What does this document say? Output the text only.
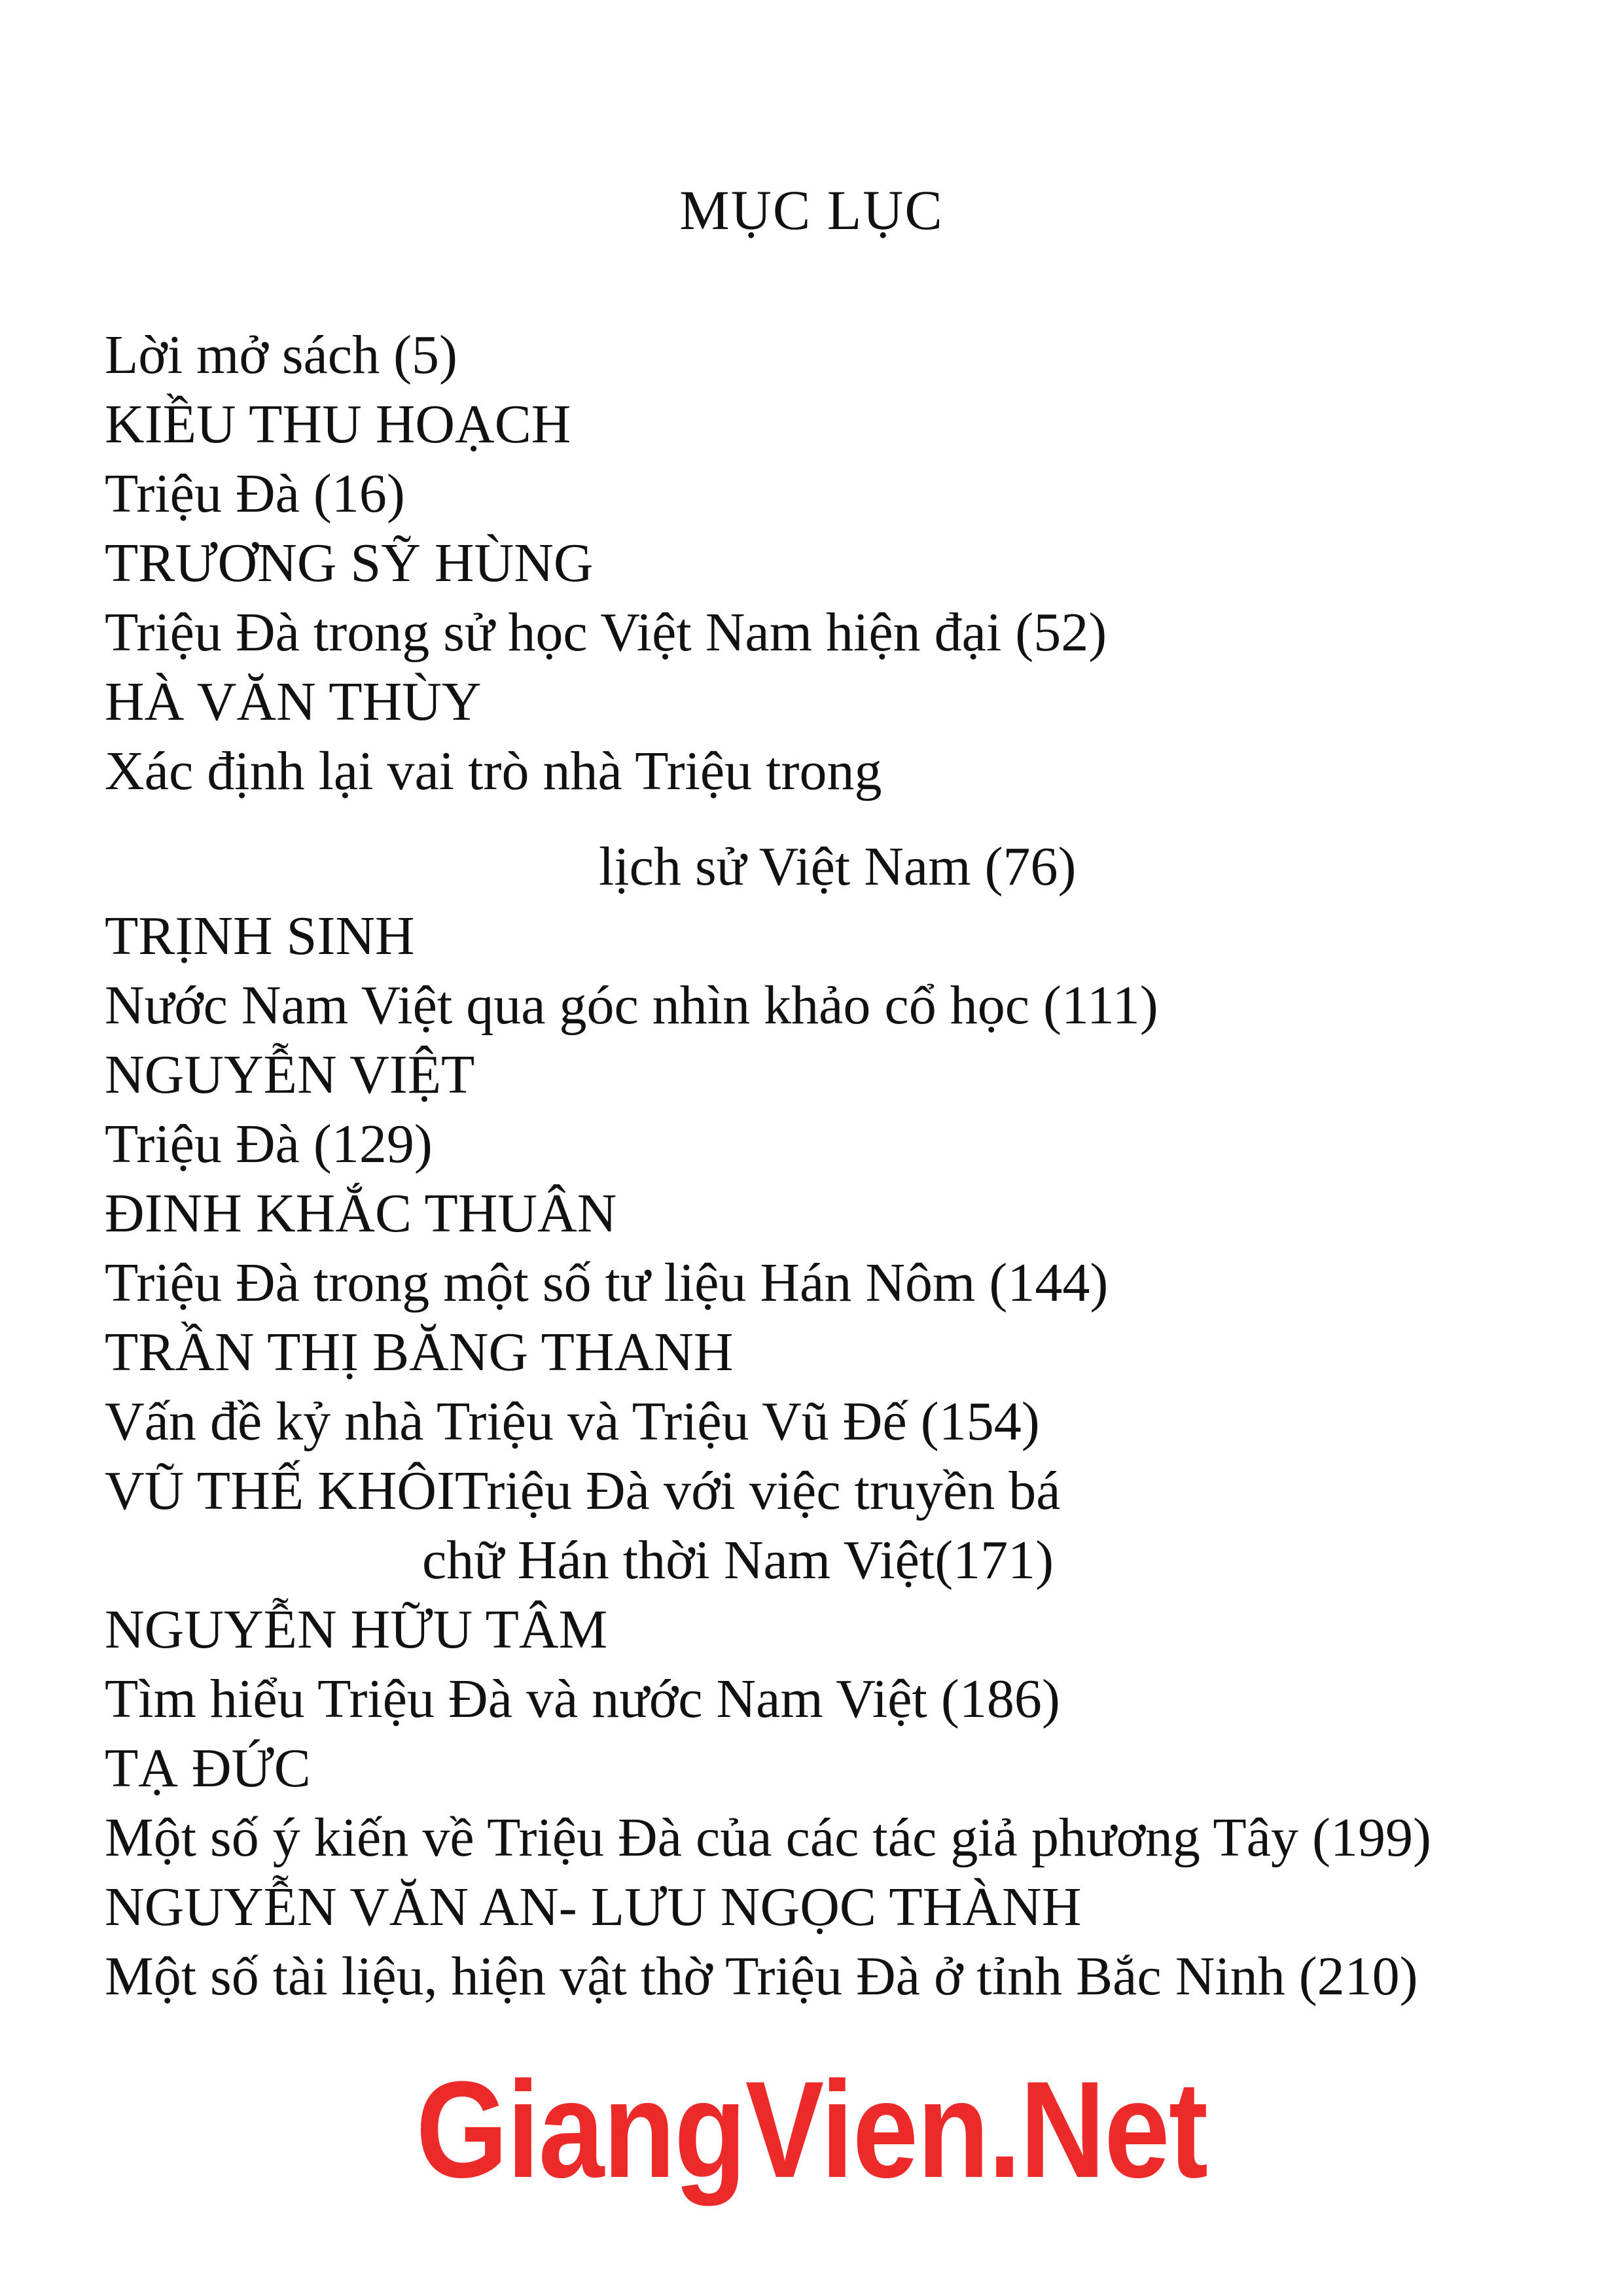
MỤC LỤC
Lời mở sách (5)
KIỀU THU HOẠCH
Triệu Đà (16)
TRƯƠNG SỸ HÙNG
Triệu Đà trong sử học Việt Nam hiện đại (52)
HÀ VĂN THÙY
Xác định lại vai trò nhà Triệu trong
lịch sử Việt Nam (76)
TRỊNH SINH
Nước Nam Việt qua góc nhìn khảo cổ học (111)
NGUYỄN VIỆT
Triệu Đà (129)
ĐINH KHẮC THUÂN
Triệu Đà trong một số tư liệu Hán Nôm (144)
TRẦN THỊ BĂNG THANH
Vấn đề kỷ nhà Triệu và Triệu Vũ Đế (154)
VŨ THẾ KHÔITriệu Đà với việc truyền bá
chữ Hán thời Nam Việt(171)
NGUYỄN HỮU TÂM
Tìm hiểu Triệu Đà và nước Nam Việt (186)
TẠ ĐỨC
Một số ý kiến về Triệu Đà của các tác giả phương Tây (199)
NGUYỄN VĂN AN- LƯU NGỌC THÀNH
Một số tài liệu, hiện vật thờ Triệu Đà ở tỉnh Bắc Ninh (210)
GiangVien.Net
